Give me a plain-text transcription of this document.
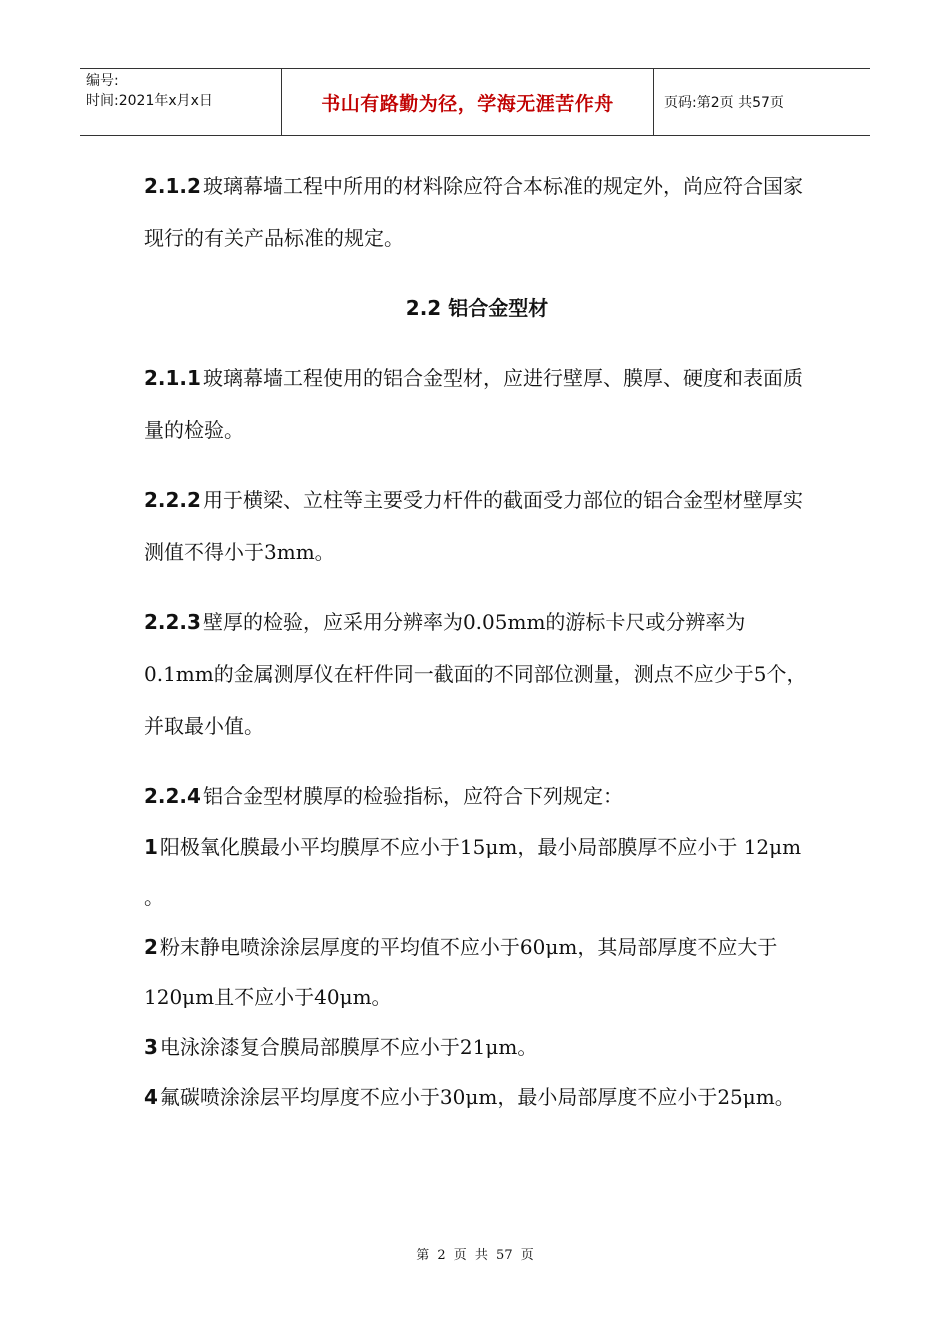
编号:
时间:2021年x月x日	书山有路勤为径，学海无涯苦作舟	页码:第2页 共57页

2.1.2 玻璃幕墙工程中所用的材料除应符合本标准的规定外，尚应符合国家现行的有关产品标准的规定。

2.2 铝合金型材

2.1.1 玻璃幕墙工程使用的铝合金型材，应进行壁厚、膜厚、硬度和表面质量的检验。

2.2.2 用于横梁、立柱等主要受力杆件的截面受力部位的铝合金型材壁厚实测值不得小于3mm。

2.2.3 壁厚的检验，应采用分辨率为0.05mm的游标卡尺或分辨率为0.1mm的金属测厚仪在杆件同一截面的不同部位测量，测点不应少于5个，并取最小值。

2.2.4 铝合金型材膜厚的检验指标，应符合下列规定：

1 阳极氧化膜最小平均膜厚不应小于15μm，最小局部膜厚不应小于 12μm 。

2 粉末静电喷涂涂层厚度的平均值不应小于60μm，其局部厚度不应大于120μm且不应小于40μm。

3 电泳涂漆复合膜局部膜厚不应小于21μm。

4 氟碳喷涂涂层平均厚度不应小于30μm，最小局部厚度不应小于25μm。

第 2 页 共 57 页
